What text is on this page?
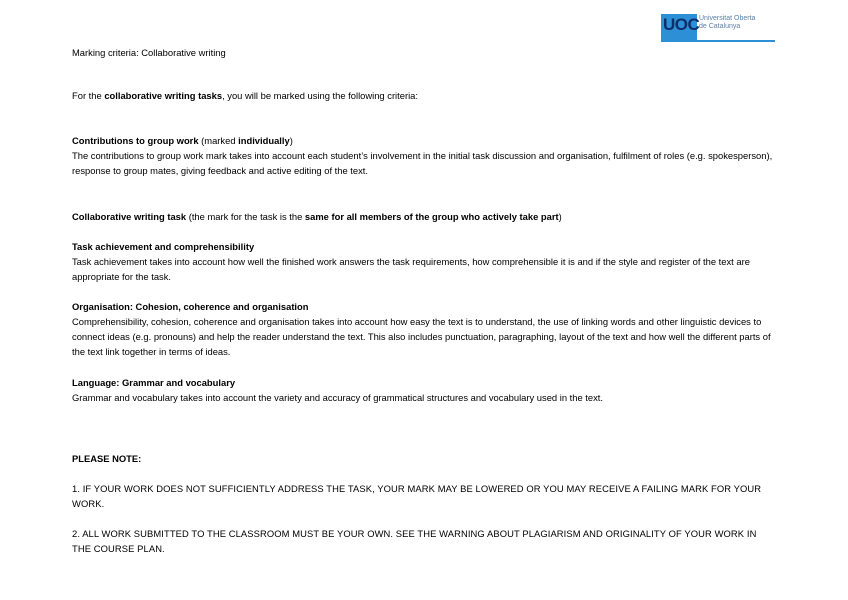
UOC Universitat Oberta
de Catalunya

Marking criteria: Collaborative writing

For the collaborative writing tasks, you will be marked using the following criteria:

Contributions to group work (marked individually)
The contributions to group work mark takes into account each student’s involvement in the initial task discussion and organisation, fulfilment of roles (e.g. spokesperson), response to group mates, giving feedback and active editing of the text.

Collaborative writing task (the mark for the task is the same for all members of the group who actively take part)

Task achievement and comprehensibility
Task achievement takes into account how well the finished work answers the task requirements, how comprehensible it is and if the style and register of the text are appropriate for the task.
Organisation: Cohesion, coherence and organisation
Comprehensibility, cohesion, coherence and organisation takes into account how easy the text is to understand, the use of linking words and other linguistic devices to connect ideas (e.g. pronouns) and help the reader understand the text. This also includes punctuation, paragraphing, layout of the text and how well the different parts of the text link together in terms of ideas.
Language: Grammar and vocabulary
Grammar and vocabulary takes into account the variety and accuracy of grammatical structures and vocabulary used in the text.

PLEASE NOTE:

1. IF YOUR WORK DOES NOT SUFFICIENTLY ADDRESS THE TASK, YOUR MARK MAY BE LOWERED OR YOU MAY RECEIVE A FAILING MARK FOR YOUR WORK.

2. ALL WORK SUBMITTED TO THE CLASSROOM MUST BE YOUR OWN. SEE THE WARNING ABOUT PLAGIARISM AND ORIGINALITY OF YOUR WORK IN THE COURSE PLAN.
